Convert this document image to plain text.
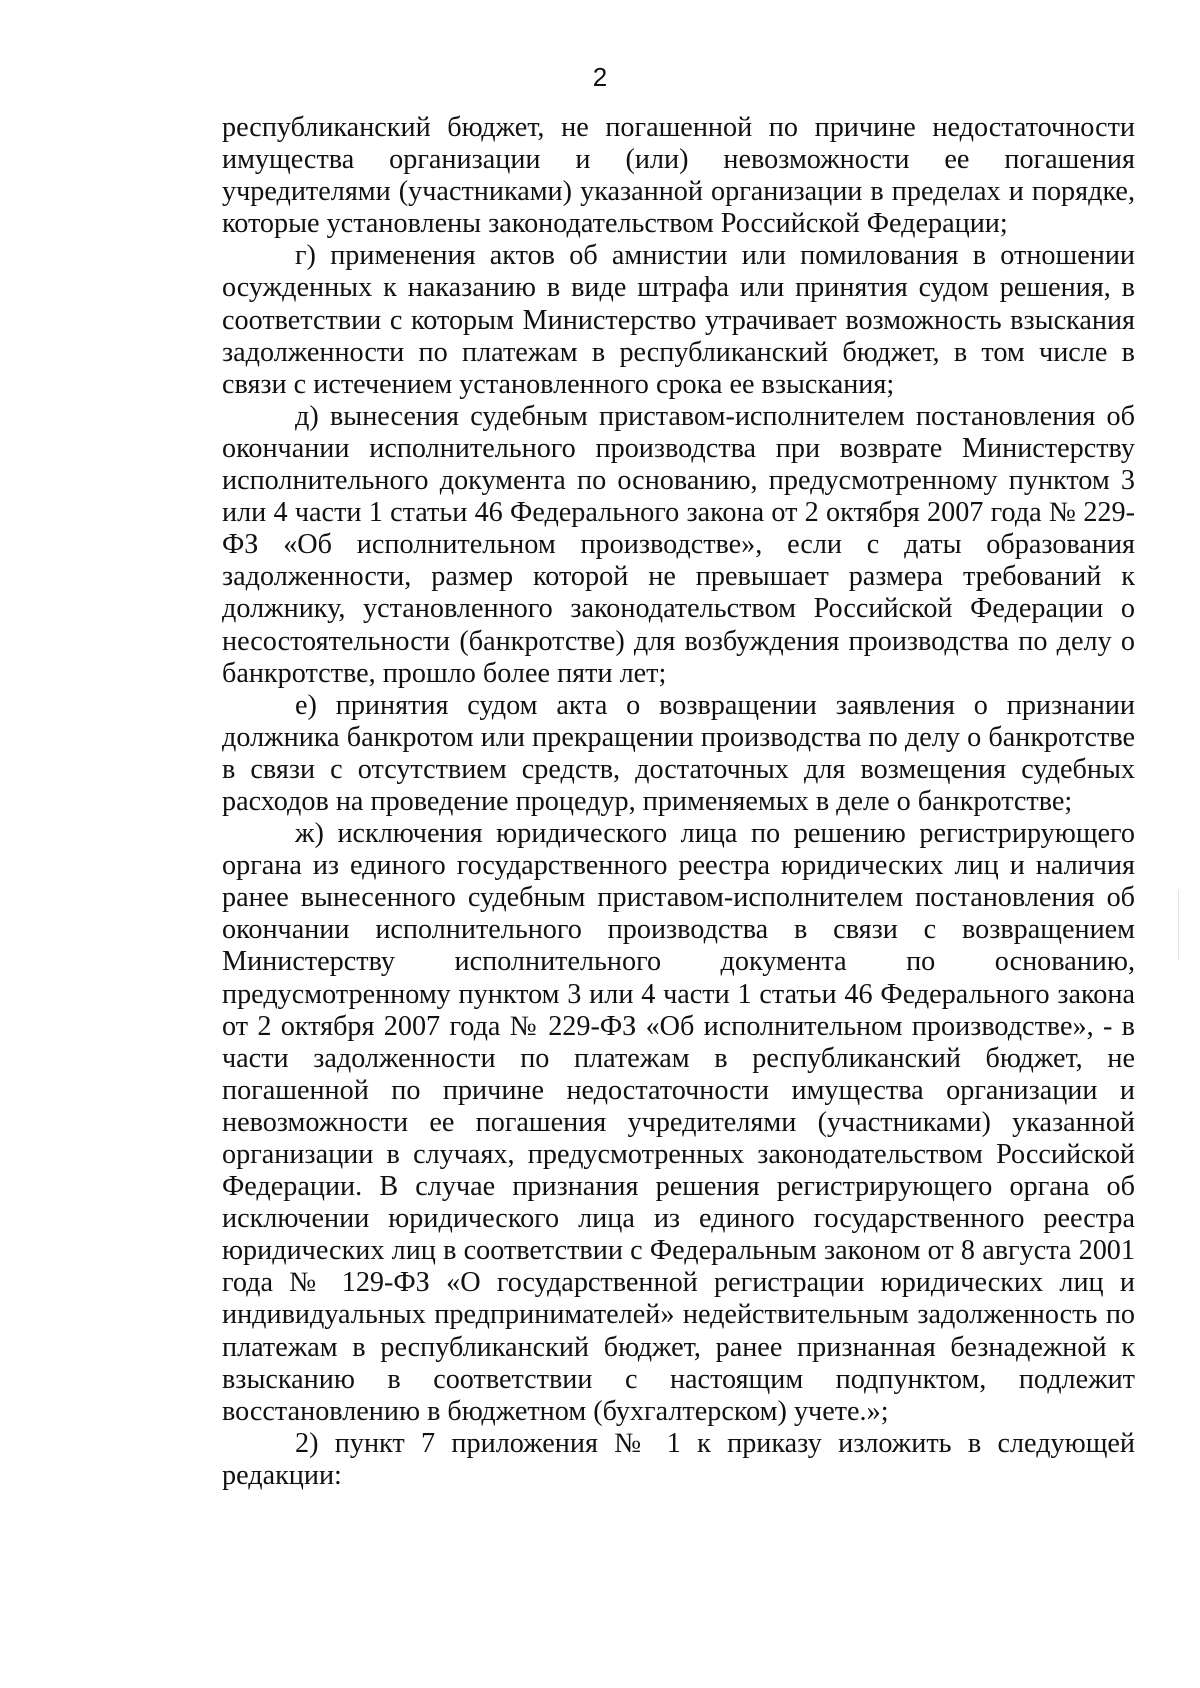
2

республиканский бюджет, не погашенной по причине недостаточности имущества организации и (или) невозможности ее погашения учредителями (участниками) указанной организации в пределах и порядке, которые установлены законодательством Российской Федерации;

г) применения актов об амнистии или помилования в отношении осужденных к наказанию в виде штрафа или принятия судом решения, в соответствии с которым Министерство утрачивает возможность взыскания задолженности по платежам в республиканский бюджет, в том числе в связи с истечением установленного срока ее взыскания;

д) вынесения судебным приставом-исполнителем постановления об окончании исполнительного производства при возврате Министерству исполнительного документа по основанию, предусмотренному пунктом 3 или 4 части 1 статьи 46 Федерального закона от 2 октября 2007 года № 229-ФЗ «Об исполнительном производстве», если с даты образования задолженности, размер которой не превышает размера требований к должнику, установленного законодательством Российской Федерации о несостоятельности (банкротстве) для возбуждения производства по делу о банкротстве, прошло более пяти лет;

е) принятия судом акта о возвращении заявления о признании должника банкротом или прекращении производства по делу о банкротстве в связи с отсутствием средств, достаточных для возмещения судебных расходов на проведение процедур, применяемых в деле о банкротстве;

ж) исключения юридического лица по решению регистрирующего органа из единого государственного реестра юридических лиц и наличия ранее вынесенного судебным приставом-исполнителем постановления об окончании исполнительного производства в связи с возвращением Министерству исполнительного документа по основанию, предусмотренному пунктом 3 или 4 части 1 статьи 46 Федерального закона от 2 октября 2007 года № 229-ФЗ «Об исполнительном производстве», - в части задолженности по платежам в республиканский бюджет, не погашенной по причине недостаточности имущества организации и невозможности ее погашения учредителями (участниками) указанной организации в случаях, предусмотренных законодательством Российской Федерации. В случае признания решения регистрирующего органа об исключении юридического лица из единого государственного реестра юридических лиц в соответствии с Федеральным законом от 8 августа 2001 года № 129-ФЗ «О государственной регистрации юридических лиц и индивидуальных предпринимателей» недействительным задолженность по платежам в республиканский бюджет, ранее признанная безнадежной к взысканию в соответствии с настоящим подпунктом, подлежит восстановлению в бюджетном (бухгалтерском) учете.»;

2) пункт 7 приложения № 1 к приказу изложить в следующей редакции:
